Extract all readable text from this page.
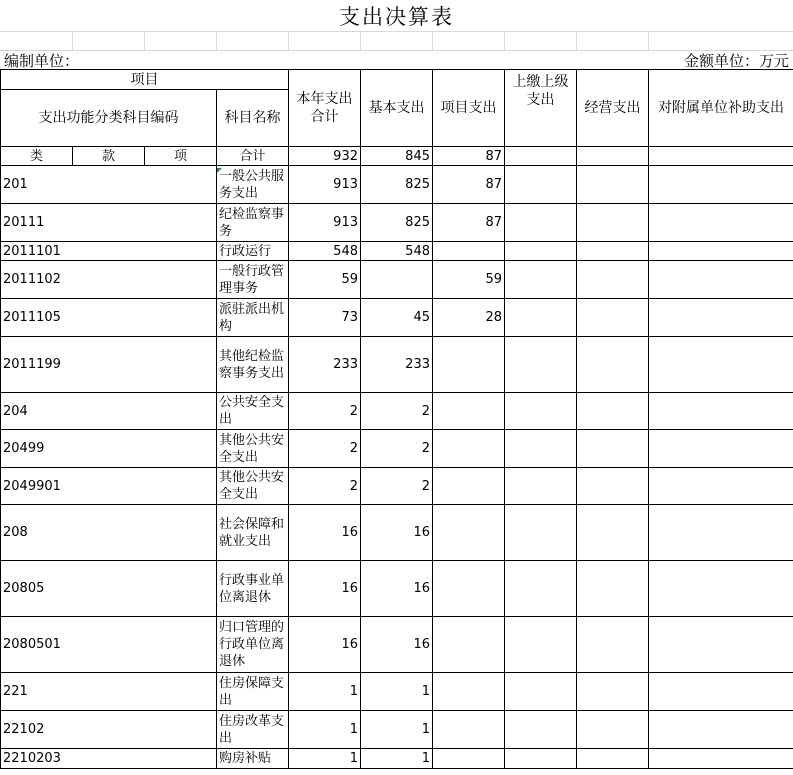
支出决算表
编制单位：	金额单位：万元
项目				本年支出合计	基本支出	项目支出	上缴上级支出	经营支出	对附属单位补助支出
支出功能分类科目编码			科目名称						

类	款	项	合计	932	845	87			
201			一般公共服务支出	913	825	87			
20111			纪检监察事务	913	825	87			
2011101			行政运行	548	548				
2011102			一般行政管理事务	59		59			
2011105			派驻派出机构	73	45	28			
2011199			其他纪检监察事务支出	233	233				
204			公共安全支出	2	2				
20499			其他公共安全支出	2	2				
2049901			其他公共安全支出	2	2				
208			社会保障和就业支出	16	16				
20805			行政事业单位离退休	16	16				
2080501			归口管理的行政单位离退休	16	16				
221			住房保障支出	1	1				
22102			住房改革支出	1	1				
2210203			购房补贴	1	1				
